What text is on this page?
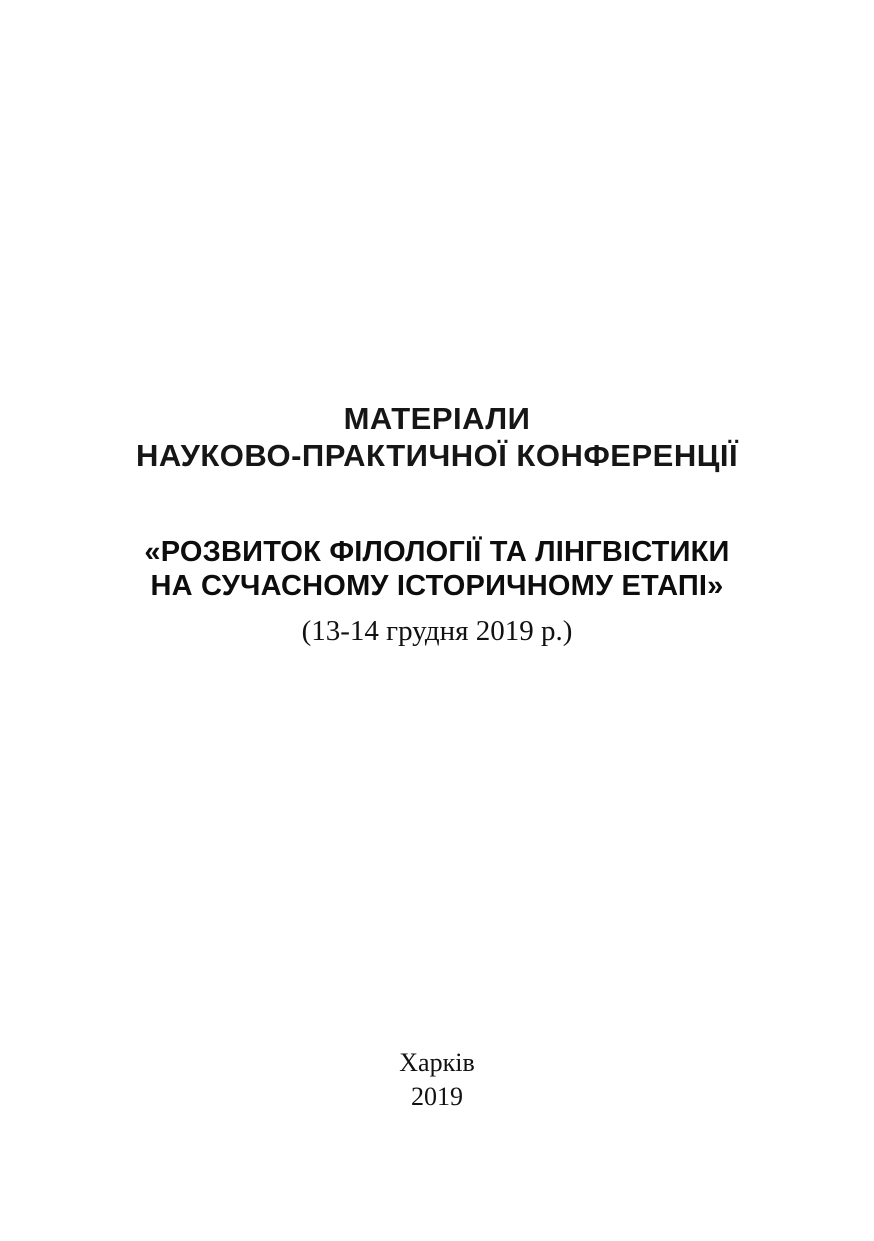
МАТЕРІАЛИ
НАУКОВО-ПРАКТИЧНОЇ КОНФЕРЕНЦІЇ
«РОЗВИТОК ФІЛОЛОГІЇ ТА ЛІНГВІСТИКИ
НА СУЧАСНОМУ ІСТОРИЧНОМУ ЕТАПІ»
(13-14 грудня 2019 р.)
Харків
2019
